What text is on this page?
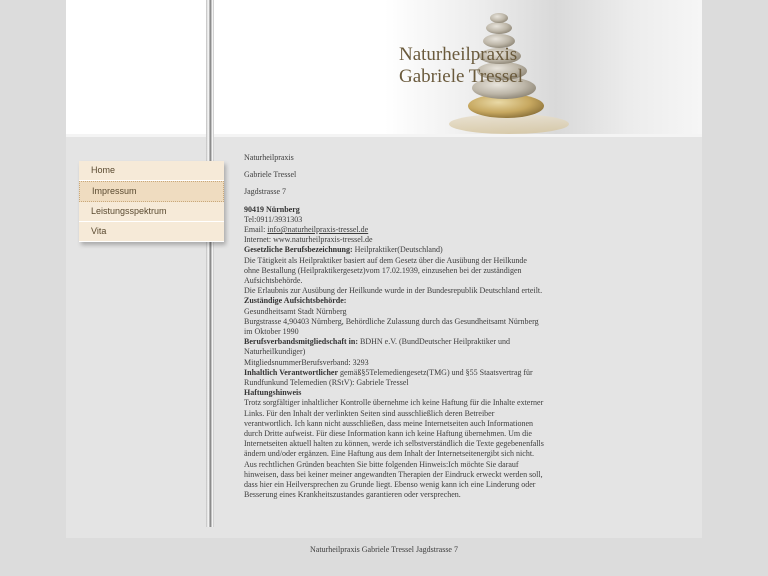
Naturheilpraxis
Gabriele Tressel
Home
Impressum
Leistungsspektrum
Vita

Naturheilpraxis

Gabriele Tressel

Jagdstrasse 7

90419 Nürnberg

Tel:0911/3931303

Email: info@naturheilpraxis-tressel.de

Internet: www.naturheilpraxis-tressel.de

Gesetzliche Berufsbezeichnung: Heilpraktiker(Deutschland)

Die Tätigkeit als Heilpraktiker basiert auf dem Gesetz über die Ausübung der Heilkunde ohne Bestallung (Heilpraktikergesetz)vom 17.02.1939, einzusehen bei der zuständigen Aufsichtsbehörde.

Die Erlaubnis zur Ausübung der Heilkunde wurde in der Bundesrepublik Deutschland erteilt.

Zuständige Aufsichtsbehörde:

Gesundheitsamt Stadt Nürnberg

Burgstrasse 4,90403 Nürnberg, Behördliche Zulassung durch das Gesundheitsamt Nürnberg im Oktober 1990

Berufsverbandsmitgliedschaft in: BDHN e.V. (BundDeutscher Heilpraktiker und Naturheilkundiger)

MitgliedsnummerBerufsverband: 3293

Inhaltlich Verantwortlicher gemäß§5Telemediengesetz(TMG) und §55 Staatsvertrag für Rundfunkund Telemedien (RStV): Gabriele Tressel

Haftungshinweis

Trotz sorgfältiger inhaltlicher Kontrolle übernehme ich keine Haftung für die Inhalte externer Links. Für den Inhalt der verlinkten Seiten sind ausschließlich deren Betreiber verantwortlich. Ich kann nicht ausschließen, dass meine Internetseiten auch Informationen durch Dritte aufweist. Für diese Information kann ich keine Haftung übernehmen. Um die Internetseiten aktuell halten zu können, werde ich selbstverständlich die Texte gegebenenfalls ändern und/oder ergänzen. Eine Haftung aus dem Inhalt der Internetseitenergibt sich nicht. Aus rechtlichen Gründen beachten Sie bitte folgenden Hinweis:Ich möchte Sie darauf hinweisen, dass bei keiner meiner angewandten Therapien der Eindruck erweckt werden soll, dass hier ein Heilversprechen zu Grunde liegt. Ebenso wenig kann ich eine Linderung oder Besserung eines Krankheitszustandes garantieren oder versprechen.

Naturheilpraxis Gabriele Tressel Jagdstrasse 7
